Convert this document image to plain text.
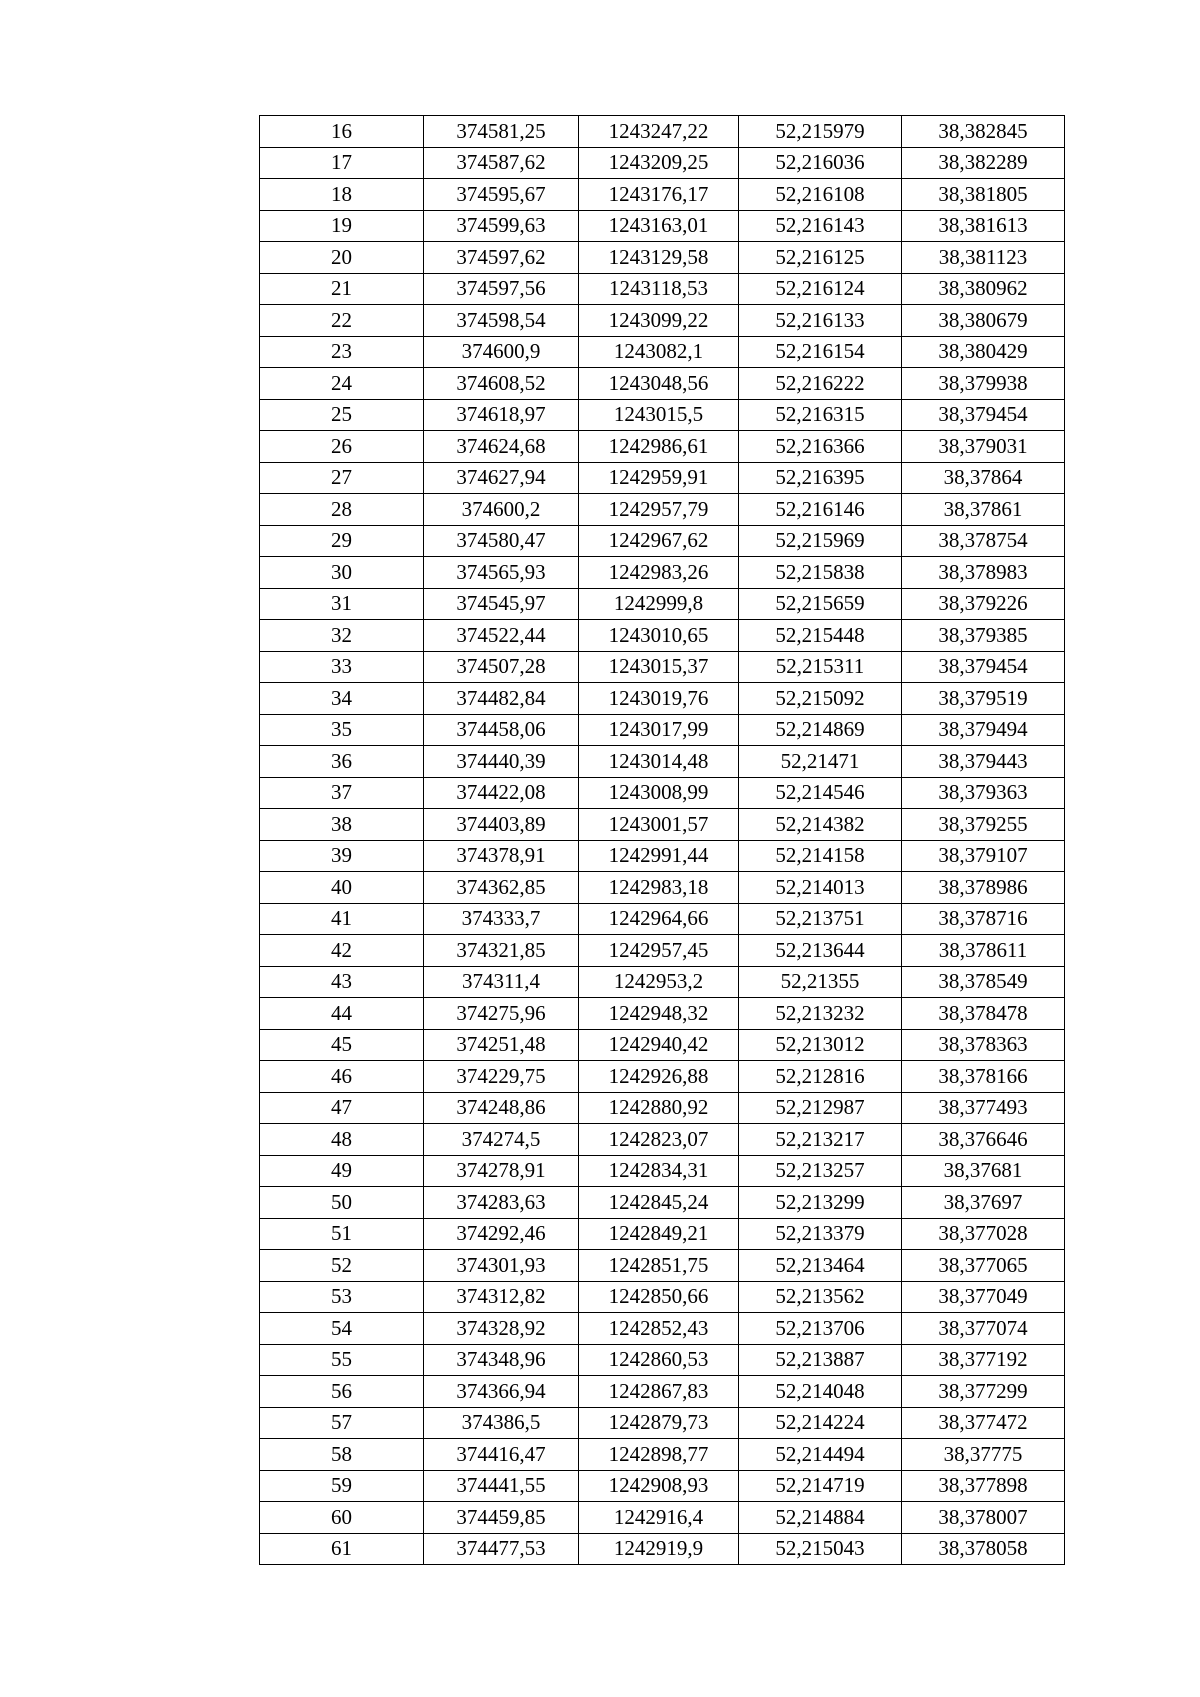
16	374581,25	1243247,22	52,215979	38,382845
17	374587,62	1243209,25	52,216036	38,382289
18	374595,67	1243176,17	52,216108	38,381805
19	374599,63	1243163,01	52,216143	38,381613
20	374597,62	1243129,58	52,216125	38,381123
21	374597,56	1243118,53	52,216124	38,380962
22	374598,54	1243099,22	52,216133	38,380679
23	374600,9	1243082,1	52,216154	38,380429
24	374608,52	1243048,56	52,216222	38,379938
25	374618,97	1243015,5	52,216315	38,379454
26	374624,68	1242986,61	52,216366	38,379031
27	374627,94	1242959,91	52,216395	38,37864
28	374600,2	1242957,79	52,216146	38,37861
29	374580,47	1242967,62	52,215969	38,378754
30	374565,93	1242983,26	52,215838	38,378983
31	374545,97	1242999,8	52,215659	38,379226
32	374522,44	1243010,65	52,215448	38,379385
33	374507,28	1243015,37	52,215311	38,379454
34	374482,84	1243019,76	52,215092	38,379519
35	374458,06	1243017,99	52,214869	38,379494
36	374440,39	1243014,48	52,21471	38,379443
37	374422,08	1243008,99	52,214546	38,379363
38	374403,89	1243001,57	52,214382	38,379255
39	374378,91	1242991,44	52,214158	38,379107
40	374362,85	1242983,18	52,214013	38,378986
41	374333,7	1242964,66	52,213751	38,378716
42	374321,85	1242957,45	52,213644	38,378611
43	374311,4	1242953,2	52,21355	38,378549
44	374275,96	1242948,32	52,213232	38,378478
45	374251,48	1242940,42	52,213012	38,378363
46	374229,75	1242926,88	52,212816	38,378166
47	374248,86	1242880,92	52,212987	38,377493
48	374274,5	1242823,07	52,213217	38,376646
49	374278,91	1242834,31	52,213257	38,37681
50	374283,63	1242845,24	52,213299	38,37697
51	374292,46	1242849,21	52,213379	38,377028
52	374301,93	1242851,75	52,213464	38,377065
53	374312,82	1242850,66	52,213562	38,377049
54	374328,92	1242852,43	52,213706	38,377074
55	374348,96	1242860,53	52,213887	38,377192
56	374366,94	1242867,83	52,214048	38,377299
57	374386,5	1242879,73	52,214224	38,377472
58	374416,47	1242898,77	52,214494	38,37775
59	374441,55	1242908,93	52,214719	38,377898
60	374459,85	1242916,4	52,214884	38,378007
61	374477,53	1242919,9	52,215043	38,378058
